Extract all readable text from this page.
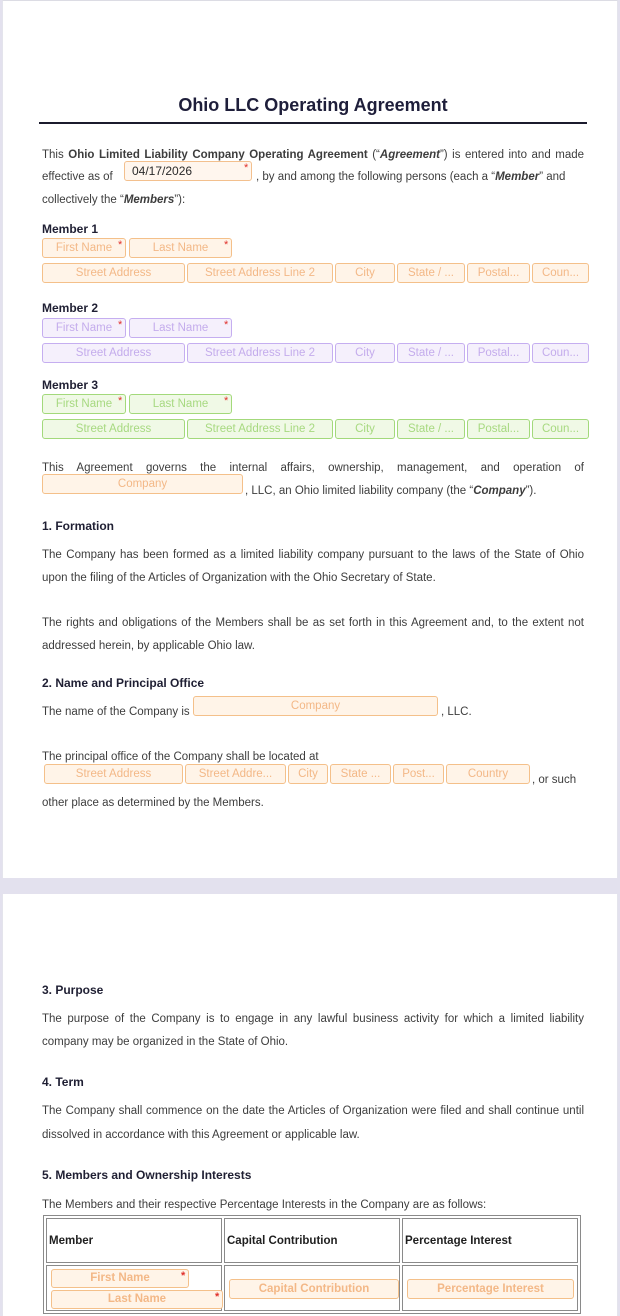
Ohio LLC Operating Agreement
This Ohio Limited Liability Company Operating Agreement (“Agreement”) is entered into and made
effective as of	04/17/2026	*
, by and among the following persons (each a “Member” and
collectively the “Members”):
Member 1
First Name *	Last Name	*
Street Address	Street Address Line 2	City	State / ...	Postal...	Coun...
Member 2
First Name *	Last Name	*
Street Address	Street Address Line 2	City	State / ...	Postal...	Coun...
Member 3
First Name *	Last Name	*
Street Address	Street Address Line 2	City	State / ...	Postal...	Coun...
This Agreement governs the internal affairs, ownership, management, and operation of
Company
, LLC, an Ohio limited liability company (the “Company”).
1. Formation
The Company has been formed as a limited liability company pursuant to the laws of the State of Ohio
upon the filing of the Articles of Organization with the Ohio Secretary of State.
The rights and obligations of the Members shall be as set forth in this Agreement and, to the extent not
addressed herein, by applicable Ohio law.
2. Name and Principal Office
The name of the Company is	Company	, LLC.
The principal office of the Company shall be located at
Street Address	Street Addre...	City	State ...	Post...	Country	, or such
other place as determined by the Members.
3. Purpose
The purpose of the Company is to engage in any lawful business activity for which a limited liability
company may be organized in the State of Ohio.
4. Term
The Company shall commence on the date the Articles of Organization were filed and shall continue until
dissolved in accordance with this Agreement or applicable law.
5. Members and Ownership Interests
The Members and their respective Percentage Interests in the Company are as follows:
Member	Capital Contribution	Percentage Interest

First Name *
Last Name *	Capital Contribution	Percentage Interest
